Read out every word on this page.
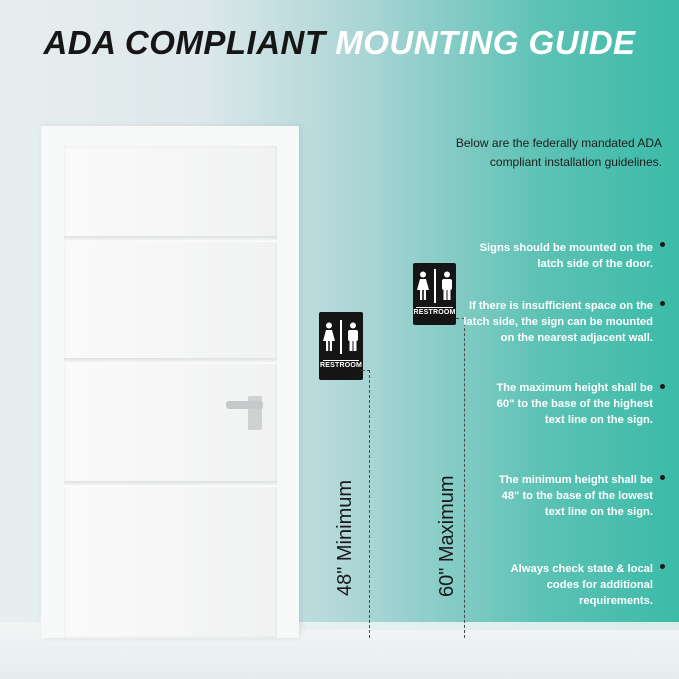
ADA COMPLIANT MOUNTING GUIDE
RESTROOM
RESTROOM
48" Minimum	60" Maximum
Below are the federally mandated ADA compliant installation guidelines.
Signs should be mounted on the latch side of the door.
If there is insufficient space on the latch side, the sign can be mounted on the nearest adjacent wall.
The maximum height shall be 60" to the base of the highest text line on the sign.
The minimum height shall be 48" to the base of the lowest text line on the sign.
Always check state & local codes for additional requirements.
